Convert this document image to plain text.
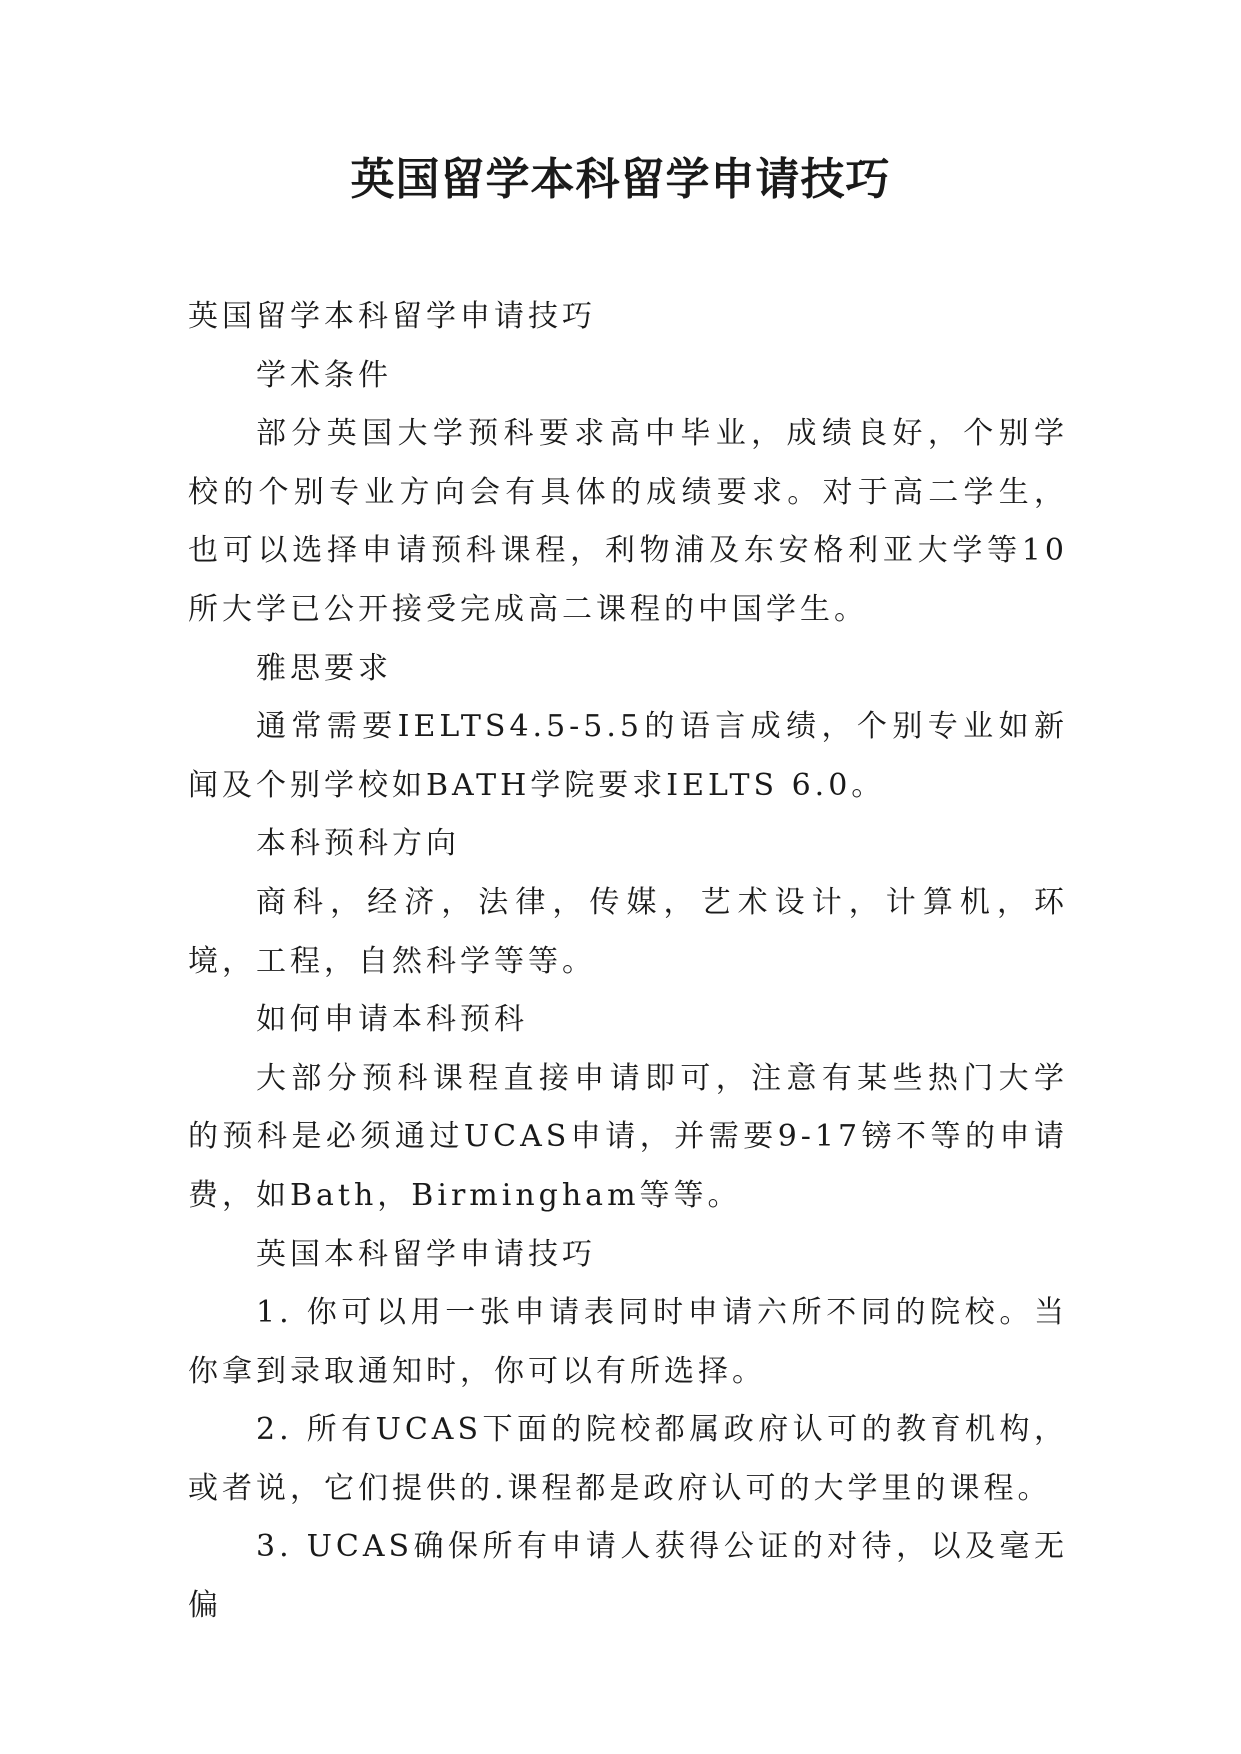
英国留学本科留学申请技巧

英国留学本科留学申请技巧

学术条件

部分英国大学预科要求高中毕业，成绩良好，个别学校的个别专业方向会有具体的成绩要求。对于高二学生，也可以选择申请预科课程，利物浦及东安格利亚大学等10所大学已公开接受完成高二课程的中国学生。

雅思要求

通常需要IELTS4.5-5.5的语言成绩，个别专业如新闻及个别学校如BATH学院要求IELTS 6.0。

本科预科方向

商科，经济，法律，传媒，艺术设计，计算机，环境，工程，自然科学等等。

如何申请本科预科

大部分预科课程直接申请即可，注意有某些热门大学的预科是必须通过UCAS申请，并需要9-17镑不等的申请费，如Bath，Birmingham等等。

英国本科留学申请技巧

1. 你可以用一张申请表同时申请六所不同的院校。当你拿到录取通知时，你可以有所选择。

2. 所有UCAS下面的院校都属政府认可的教育机构，或者说，它们提供的.课程都是政府认可的大学里的课程。

3. UCAS确保所有申请人获得公证的对待，以及毫无偏
